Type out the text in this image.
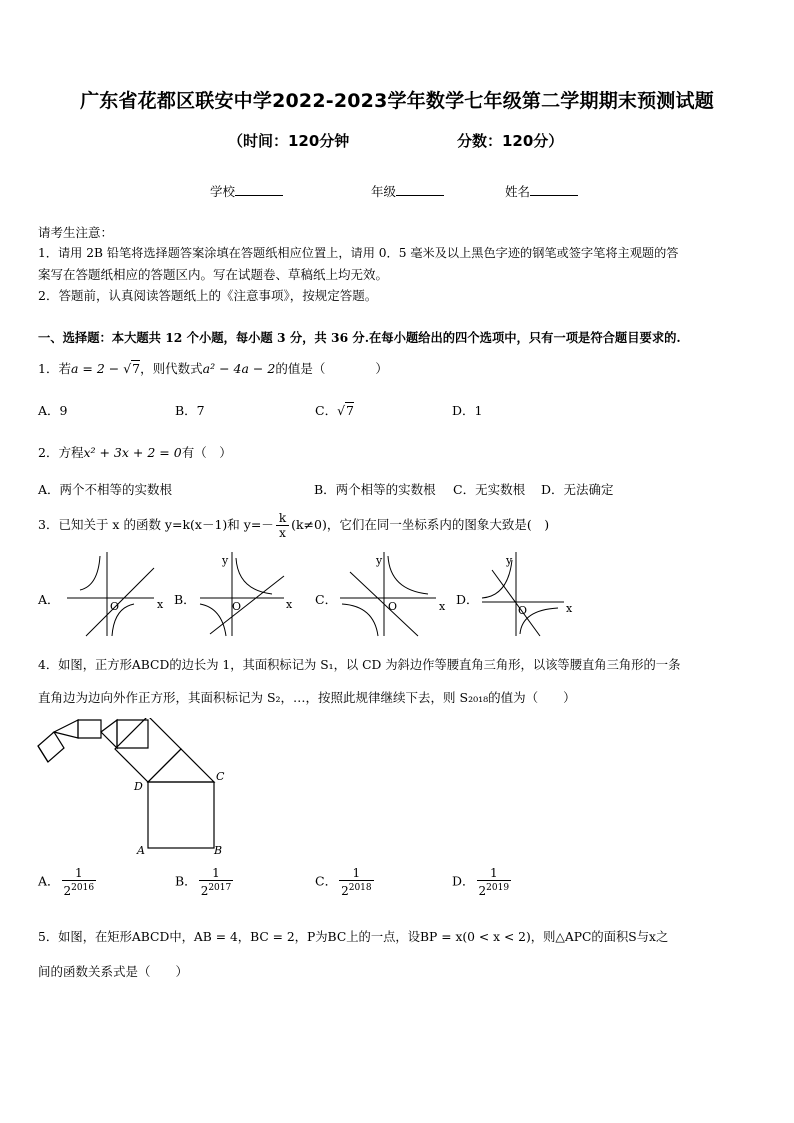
广东省花都区联安中学2022-2023学年数学七年级第二学期期末预测试题
（时间：120分钟	分数：120分）
学校	年级	姓名
请考生注意：
1．请用 2B 铅笔将选择题答案涂填在答题纸相应位置上，请用 0．5 毫米及以上黑色字迹的钢笔或签字笔将主观题的答
案写在答题纸相应的答题区内。写在试题卷、草稿纸上均无效。
2．答题前，认真阅读答题纸上的《注意事项》，按规定答题。
一、选择题：本大题共 12 个小题，每小题 3 分，共 36 分.在每小题给出的四个选项中，只有一项是符合题目要求的.
1．若a = 2 − √7，则代数式a² − 4a − 2的值是（　　　　）
A．9	B．7	C．√7	D．1
2．方程x² + 3x + 2 = 0有（　）
A．两个不相等的实数根	B．两个相等的实数根 C．无实数根 D．无法确定
3．已知关于 x 的函数 y=k(x－1)和 $y=- \frac{k}{x} (k\ne 0)$，它们在同一坐标系内的图象大致是(　)
A．	B．	C．	D．
O	x
y
O	x
y
O	x
y
O	x
4．如图，正方形ABCD的边长为 1，其面积标记为 S₁，以 CD 为斜边作等腰直角三角形，以该等腰直角三角形的一条
直角边为边向外作正方形，其面积标记为 S₂，…，按照此规律继续下去，则 S₂₀₁₈的值为（　　）
D
C
A	B
A． $\frac{1}{2^{2016}}$	B． $\frac{1}{2^{2017}}$	C． $\frac{1}{2^{2018}}$	D． $\frac{1}{2^{2019}}$
5．如图，在矩形ABCD中，AB = 4，BC = 2，P为BC上的一点，设BP = x(0 < x < 2)，则△APC的面积S与x之
间的函数关系式是（　　）
